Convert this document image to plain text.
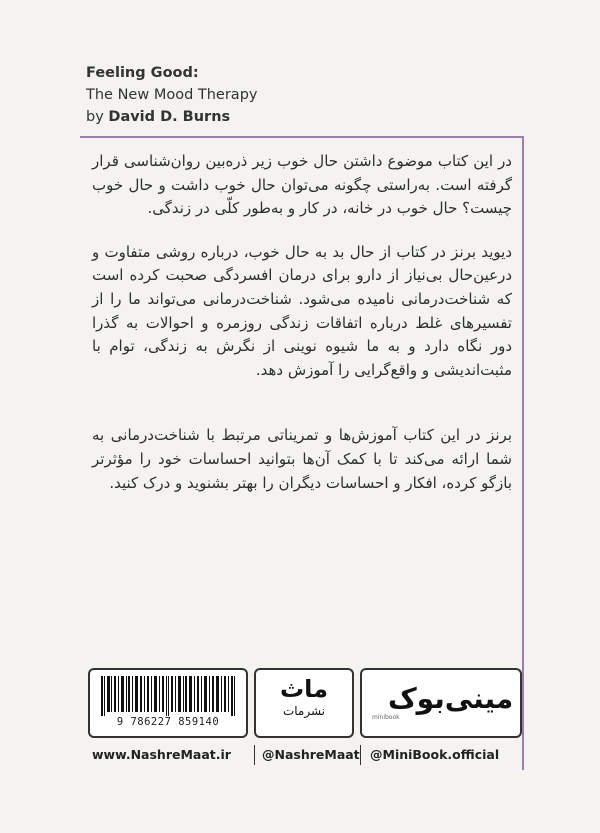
Feeling Good:
The New Mood Therapy
by David D. Burns

در این کتاب موضوع داشتن حال خوب زیر ذره‌بین روان‌شناسی قرار گرفته است. به‌راستی چگونه می‌توان حال خوب داشت و حال خوب چیست؟ حال خوب در خانه، در کار و به‌طور کلّی در زندگی.

دیوید برنز در کتاب از حال بد به حال خوب، درباره روشی متفاوت و درعین‌حال بی‌نیاز از دارو برای درمان افسردگی صحبت کرده است که شناخت‌درمانی نامیده می‌شود. شناخت‌درمانی می‌تواند ما را از تفسیرهای غلط درباره اتفاقات زندگی روزمره و احوالات به گذرا دور نگاه دارد و به ما شیوه نوینی از نگرش به زندگی، توام با مثبت‌اندیشی و واقع‌گرایی را آموزش دهد.

برنز در این کتاب آموزش‌ها و تمریناتی مرتبط با شناخت‌درمانی به شما ارائه می‌کند تا با کمک آن‌ها بتوانید احساسات خود را مؤثرتر بازگو کرده، افکار و احساسات دیگران را بهتر بشنوید و درک کنید.

9 786227 859140
ماث
نشرمات	مینی‌بوک
minibook
www.NashreMaat.ir @NashreMaat @MiniBook.official
